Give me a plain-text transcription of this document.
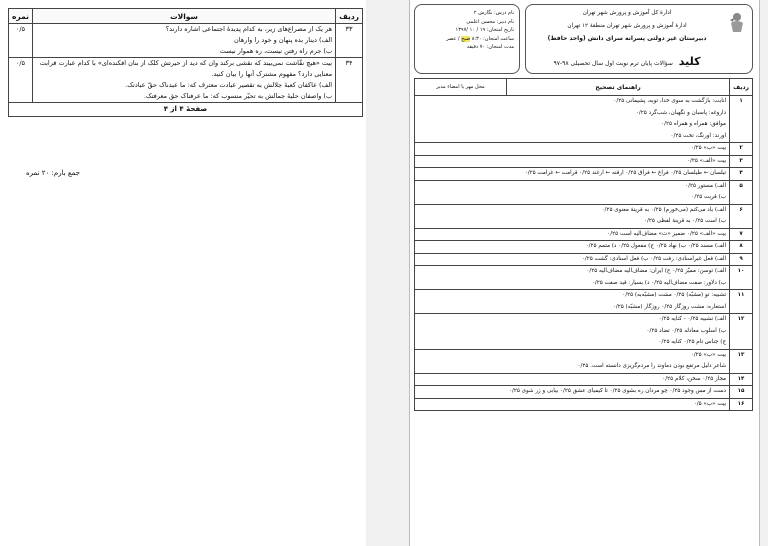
ردیف	سوالات	نمره
۳۳	هر یک از مصراع‌های زیر، به کدام پدیدهٔ اجتماعی اشاره دارند؟

الف) دینار بده پنهان و خود را وارهان

ب) جرم راه رفتن نیست، ره هموار نیست	۰/۵
۳۴	بیت «هیچ نقّاشت نمی‌بیند که نقشی برکند وان که دید از حیرتش کلک از بنان افکنده‌ای» با کدام عبارت قرابت

معنایی دارد؟ مفهوم مشترک آنها را بیان کنید.

الف) عاکفان کعبهٔ جلالش به تقصیر عبادت معترف که: ما عبدناک حقّ عبادتک.

ب) واصفان حلیهٔ جمالش به تحیّر منسوب که: ما عرفناک حق معرفتک.	۰/۵
صفحهٔ ۴ از ۴		
جمع بارم: ۲۰ نمره
ادارهٔ کل آموزش و پرورش شهر تهران
ادارهٔ آموزش و پرورش شهر تهران منطقهٔ ۱۲ تهران
دبیرستان غیر دولتی پسرانه سرای دانش (واحد حافظ)
کلید سؤالات پایان ترم نوبت اول سال تحصیلی ۹۸-۹۷
نام درس: نگارش ۲
نام دبیر: محسن اعلمی
تاریخ امتحان: ۱۹ / ۱۰ /۱۳۹۷
ساعت امتحان: ۸:۳۰ صبح / عصر
مدت امتحان: ۷۰ دقیقه
ردیف	راهنمای تصحیح	محل مهر یا امضاء مدیر
۱	انابت: بازگشت به سوی خدا، توبه، پشیمانی ۰/۲۵

داروغه: پاسبان و نگهبان، شب‌گرد ۰/۲۵

موافق: همراه و همراه ۰/۲۵

اورند: اورنگ، تخت ۰/۲۵	

۲	بیت «ب» ۰/۲۵	

۳	بیت «الف» ۰/۲۵	

۴	تیلسان ← طیلسان ۰/۲۵ فراغ ← فراق ۰/۲۵ ارقنه ← ارغند ۰/۲۵ قرامت ← غرامت ۰/۲۵	

۵	الف) مستور ۰/۲۵

ب) قربت ۰/۲۵	

۶	الف) یاد می‌کنم (می‌خورم) ۰/۲۵ به قرینهٔ معنوی ۰/۲۵

ب) است ۰/۲۵ به قرینهٔ لفظی ۰/۲۵	

۷	بیت «الف» ۰/۲۵ ضمیر «ت» مضاف‌الیه است ۰/۲۵	

۸	الف) مسند ۰/۲۵ ب) نهاد ۰/۲۵ ج) مفعول ۰/۲۵ د) متمم ۰/۲۵	

۹	الف) فعل غیراسنادی: رفت ۰/۲۵ ب) فعل اسنادی: گشت ۰/۲۵	

۱۰	الف) توسن: ممیّز ۰/۲۵ ج) ایران: مضاف‌الیه مضاف‌الیه ۰/۲۵

ب) دلاور: صفت مضاف‌الیه ۰/۲۵ د) بسیار: قید صفت ۰/۲۵	

۱۱	تشبیه: تو (مشبّه) ۰/۲۵ مشت (مشبّه‌به) ۰/۲۵

استعاره: مشت روزگار ۰/۲۵ روزگار (مشبّه) ۰/۲۵	

۱۲	الف) تشبیه ۰/۲۵ - کنایه ۰/۲۵

ب) اسلوب معادله ۰/۲۵ تضاد ۰/۲۵

ج) جناس تام ۰/۲۵ کنایه ۰/۲۵	

۱۳	بیت «ب» ۰/۲۵

شاعر دلیل مرتفع بودن دماوند را مردم‌گریزی دانسته است. ۰/۲۵	

۱۴	مجاز ۰/۲۵ سخن، کلام ۰/۲۵	

۱۵	دست از مس وجود ۰/۲۵ چو مردان ره بشوی ۰/۲۵ تا کیمیای عشق ۰/۲۵ بیابی و زر شوی ۰/۲۵	

۱۶	بیت «ب» ۰/۵	
